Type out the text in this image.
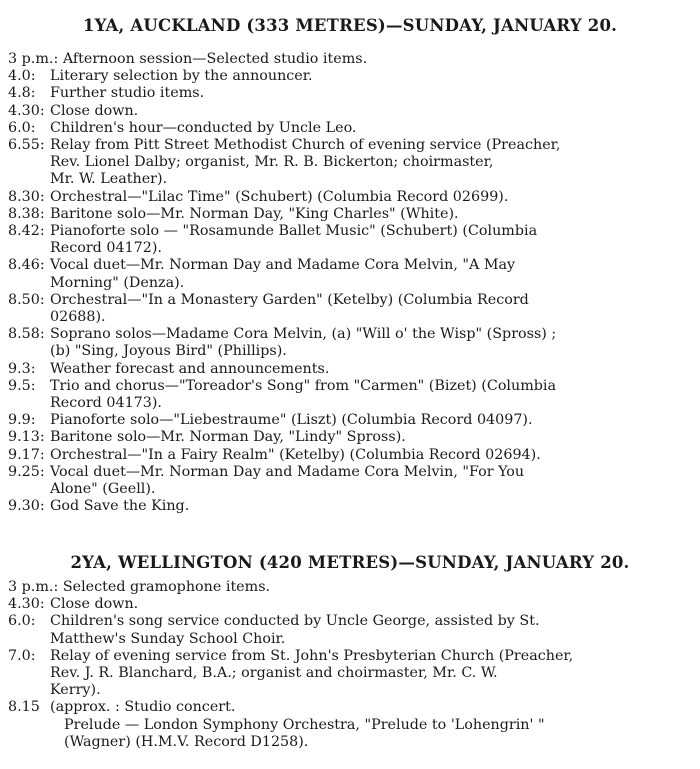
1YA, AUCKLAND (333 METRES)—SUNDAY, JANUARY 20.
3 p.m.: Afternoon session—Selected studio items.
4.0: Literary selection by the announcer.
4.8: Further studio items.
4.30: Close down.
6.0: Children's hour—conducted by Uncle Leo.
6.55: Relay from Pitt Street Methodist Church of evening service (Preacher,
Rev. Lionel Dalby; organist, Mr. R. B. Bickerton; choirmaster,
Mr. W. Leather).
8.30: Orchestral—"Lilac Time" (Schubert) (Columbia Record 02699).
8.38: Baritone solo—Mr. Norman Day, "King Charles" (White).
8.42: Pianoforte solo — "Rosamunde Ballet Music" (Schubert) (Columbia
Record 04172).
8.46: Vocal duet—Mr. Norman Day and Madame Cora Melvin, "A May
Morning" (Denza).
8.50: Orchestral—"In a Monastery Garden" (Ketelby) (Columbia Record
02688).
8.58: Soprano solos—Madame Cora Melvin, (a) "Will o' the Wisp" (Spross) ;
(b) "Sing, Joyous Bird" (Phillips).
9.3: Weather forecast and announcements.
9.5: Trio and chorus—"Toreador's Song" from "Carmen" (Bizet) (Columbia
Record 04173).
9.9: Pianoforte solo—"Liebestraume" (Liszt) (Columbia Record 04097).
9.13: Baritone solo—Mr. Norman Day, "Lindy" Spross).
9.17: Orchestral—"In a Fairy Realm" (Ketelby) (Columbia Record 02694).
9.25: Vocal duet—Mr. Norman Day and Madame Cora Melvin, "For You
Alone" (Geell).
9.30: God Save the King.
2YA, WELLINGTON (420 METRES)—SUNDAY, JANUARY 20.
3 p.m.: Selected gramophone items.
4.30: Close down.
6.0: Children's song service conducted by Uncle George, assisted by St.
Matthew's Sunday School Choir.
7.0: Relay of evening service from St. John's Presbyterian Church (Preacher,
Rev. J. R. Blanchard, B.A.; organist and choirmaster, Mr. C. W.
Kerry).
8.15 (approx. : Studio concert.
Prelude — London Symphony Orchestra, "Prelude to 'Lohengrin' "
(Wagner) (H.M.V. Record D1258).
